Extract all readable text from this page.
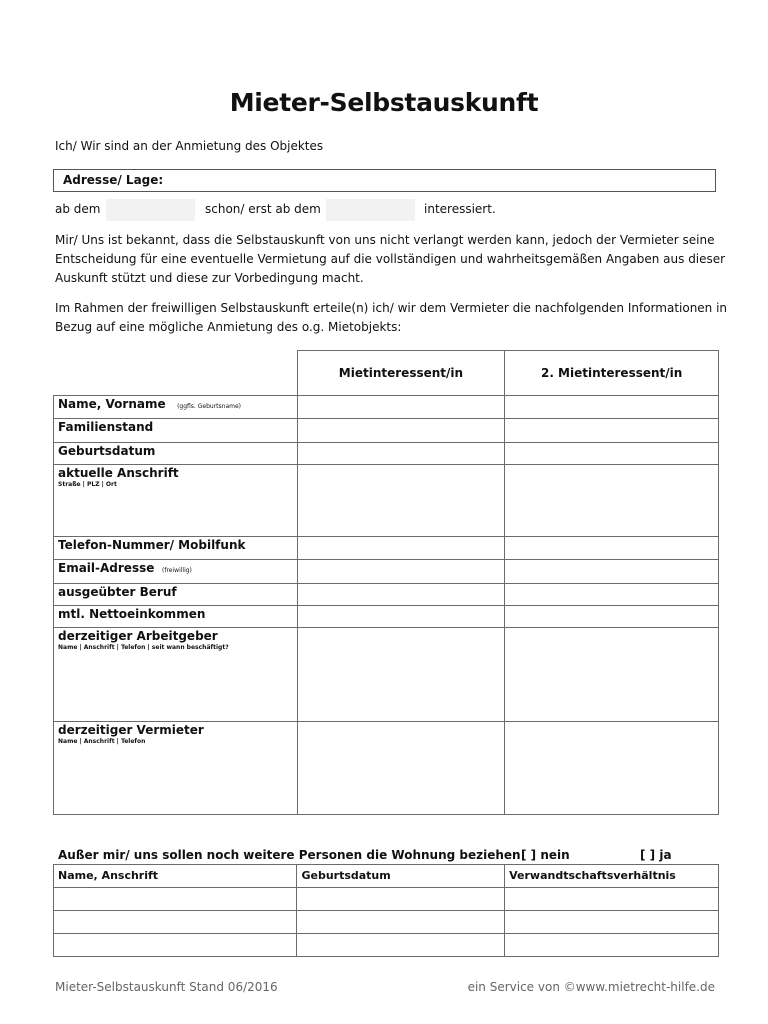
Mieter-Selbstauskunft
Ich/ Wir sind an der Anmietung des Objektes
Adresse/ Lage:
ab dem	schon/ erst ab dem	interessiert.
Mir/ Uns ist bekannt, dass die Selbstauskunft von uns nicht verlangt werden kann, jedoch der Vermieter seine
Entscheidung für eine eventuelle Vermietung auf die vollständigen und wahrheitsgemäßen Angaben aus dieser
Auskunft stützt und diese zur Vorbedingung macht.
Im Rahmen der freiwilligen Selbstauskunft erteile(n) ich/ wir dem Vermieter die nachfolgenden Informationen in
Bezug auf eine mögliche Anmietung des o.g. Mietobjekts:
	Mietinteressent/in	2. Mietinteressent/in
Name, Vorname (ggfls. Geburtsname)		
Familienstand		
Geburtsdatum		
aktuelle Anschrift
Straße | PLZ | Ort		

Telefon-Nummer/ Mobilfunk		
Email-Adresse (freiwillig)		
ausgeübter Beruf		
mtl. Nettoeinkommen		
derzeitiger Arbeitgeber
Name | Anschrift | Telefon | seit wann beschäftigt?		

derzeitiger Vermieter
Name | Anschrift | Telefon		

Außer mir/ uns sollen noch weitere Personen die Wohnung beziehen [ ] nein	[ ] ja
Name, Anschrift	Geburtsdatum	Verwandtschaftsverhältnis

Mieter-Selbstauskunft Stand 06/2016	ein Service von ©www.mietrecht-hilfe.de
